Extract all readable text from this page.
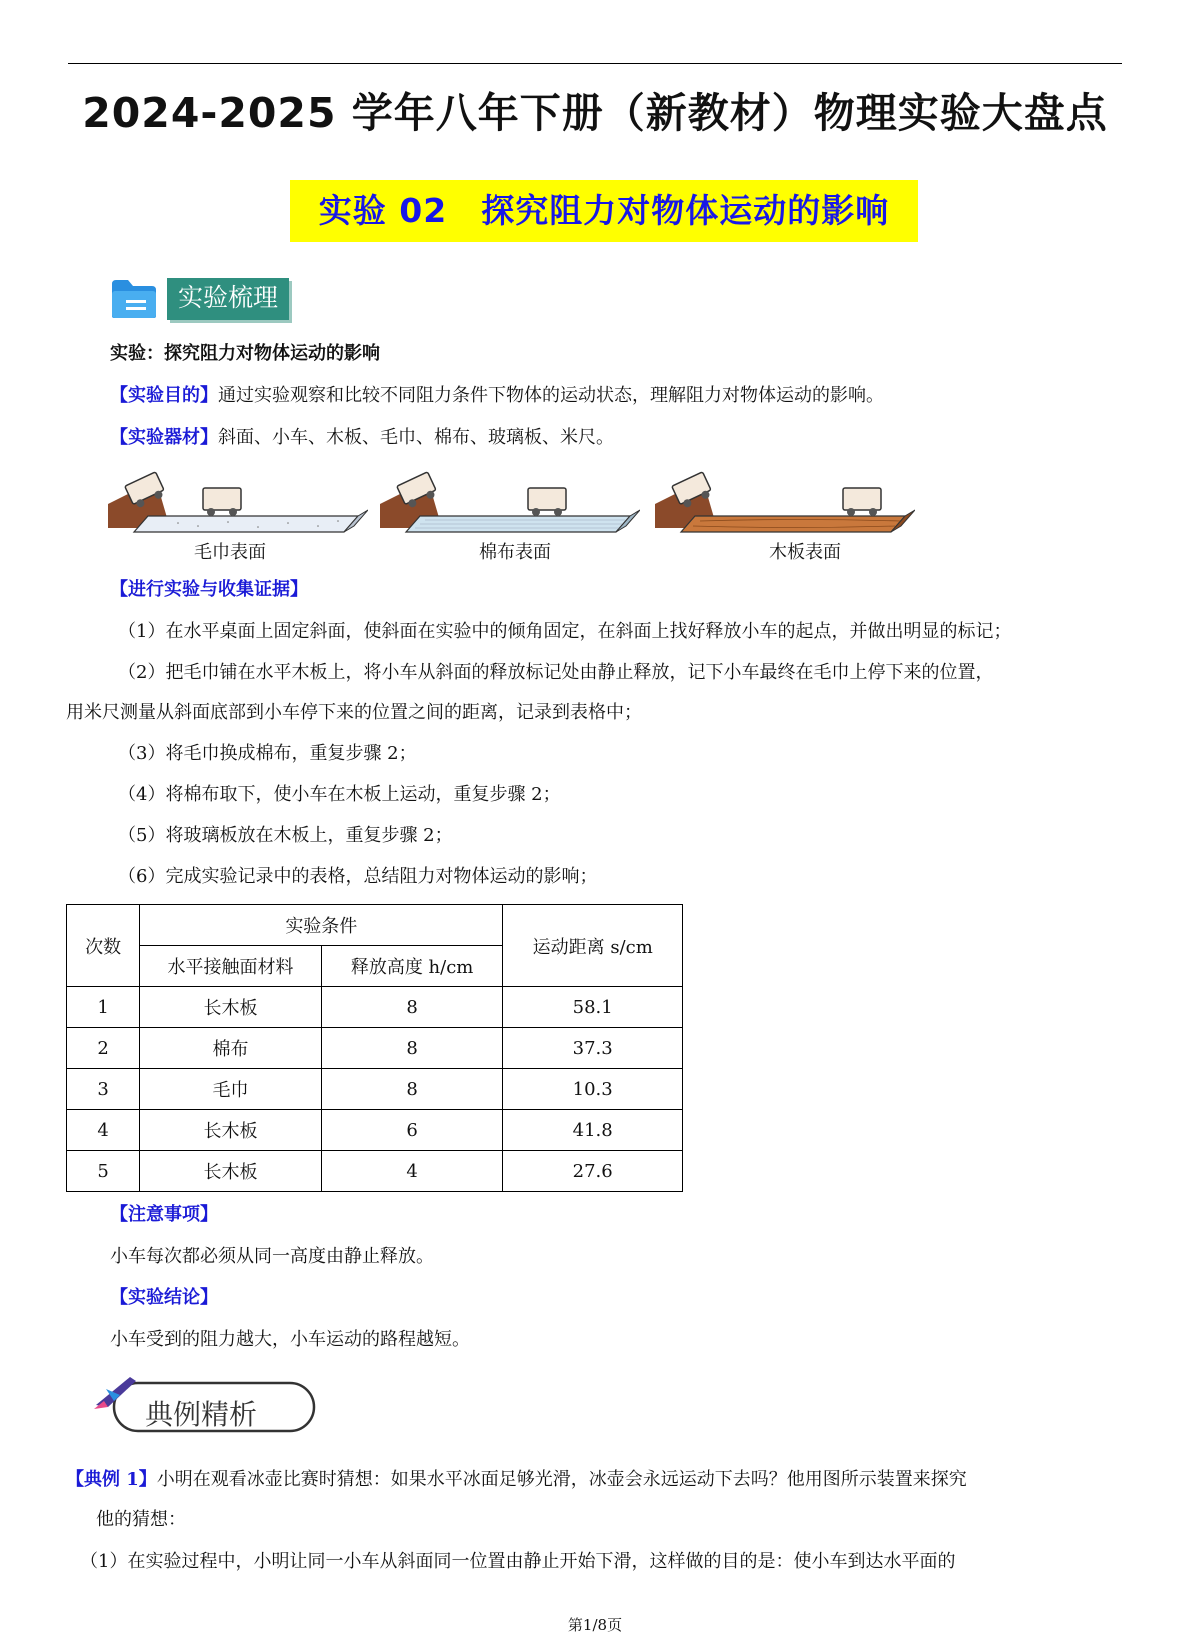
2024-2025 学年八年下册（新教材）物理实验大盘点
实验 02　探究阻力对物体运动的影响
实验梳理
实验：探究阻力对物体运动的影响
【实验目的】通过实验观察和比较不同阻力条件下物体的运动状态，理解阻力对物体运动的影响。
【实验器材】斜面、小车、木板、毛巾、棉布、玻璃板、米尺。
毛巾表面	棉布表面	木板表面
【进行实验与收集证据】
（1）在水平桌面上固定斜面，使斜面在实验中的倾角固定，在斜面上找好释放小车的起点，并做出明显的标记；
（2）把毛巾铺在水平木板上，将小车从斜面的释放标记处由静止释放，记下小车最终在毛巾上停下来的位置，
用米尺测量从斜面底部到小车停下来的位置之间的距离，记录到表格中；
（3）将毛巾换成棉布，重复步骤 2；
（4）将棉布取下，使小车在木板上运动，重复步骤 2；
（5）将玻璃板放在木板上，重复步骤 2；
（6）完成实验记录中的表格，总结阻力对物体运动的影响；
次数	实验条件		运动距离 s/cm
	水平接触面材料	释放高度 h/cm	
1	长木板	8	58.1
2	棉布	8	37.3
3	毛巾	8	10.3
4	长木板	6	41.8
5	长木板	4	27.6
【注意事项】
小车每次都必须从同一高度由静止释放。
【实验结论】
小车受到的阻力越大，小车运动的路程越短。
典例精析
【典例 1】小明在观看冰壶比赛时猜想：如果水平冰面足够光滑，冰壶会永远运动下去吗？他用图所示装置来探究
他的猜想：
（1）在实验过程中，小明让同一小车从斜面同一位置由静止开始下滑，这样做的目的是：使小车到达水平面的
第1/8页
